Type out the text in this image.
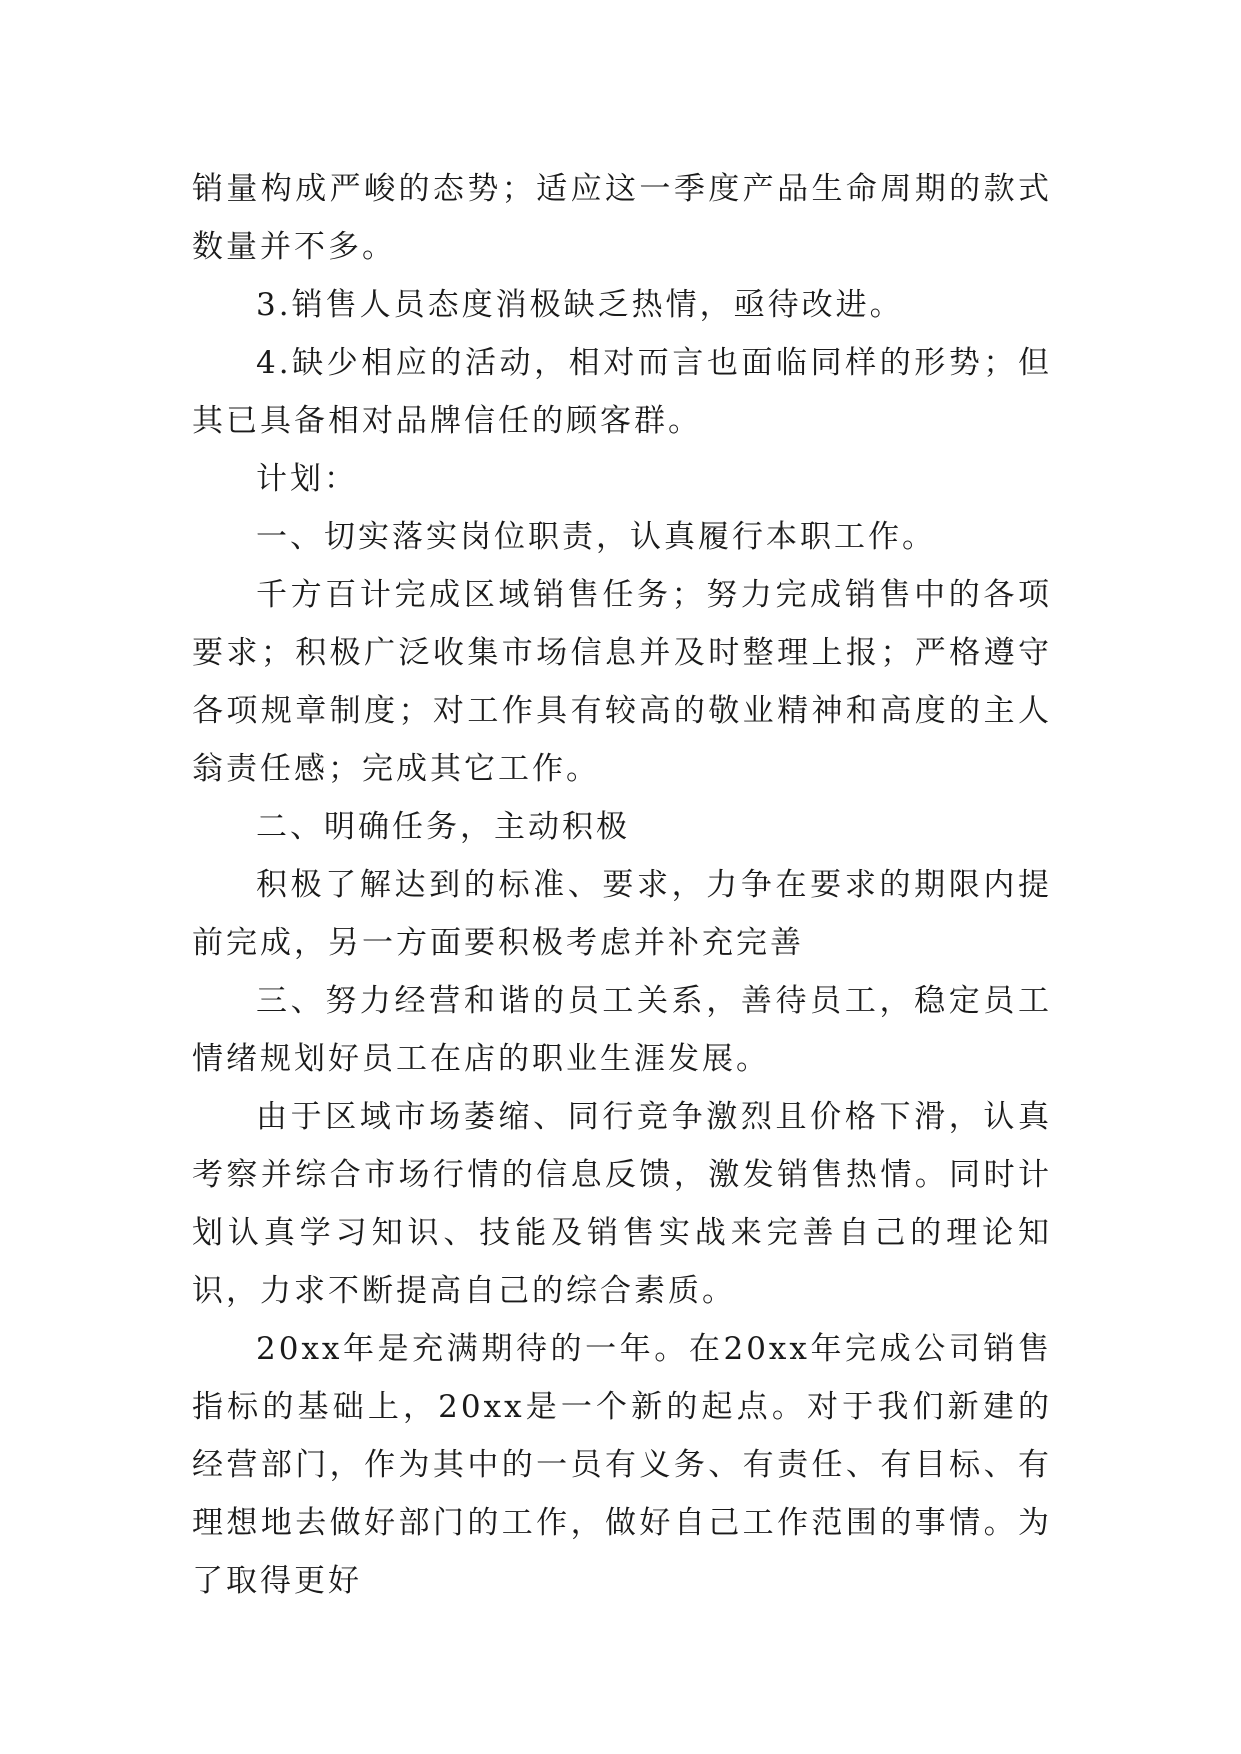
销量构成严峻的态势；适应这一季度产品生命周期的款式数量并不多。

3.销售人员态度消极缺乏热情，亟待改进。

4.缺少相应的活动，相对而言也面临同样的形势；但其已具备相对品牌信任的顾客群。

计划：

一、切实落实岗位职责，认真履行本职工作。

千方百计完成区域销售任务；努力完成销售中的各项要求；积极广泛收集市场信息并及时整理上报；严格遵守各项规章制度；对工作具有较高的敬业精神和高度的主人翁责任感；完成其它工作。

二、明确任务，主动积极

积极了解达到的标准、要求，力争在要求的期限内提前完成，另一方面要积极考虑并补充完善

三、努力经营和谐的员工关系，善待员工，稳定员工情绪规划好员工在店的职业生涯发展。

由于区域市场萎缩、同行竞争激烈且价格下滑，认真考察并综合市场行情的信息反馈，激发销售热情。同时计划认真学习知识、技能及销售实战来完善自己的理论知识，力求不断提高自己的综合素质。

20xx年是充满期待的一年。在20xx年完成公司销售指标的基础上，20xx是一个新的起点。对于我们新建的经营部门，作为其中的一员有义务、有责任、有目标、有理想地去做好部门的工作，做好自己工作范围的事情。为了取得更好
